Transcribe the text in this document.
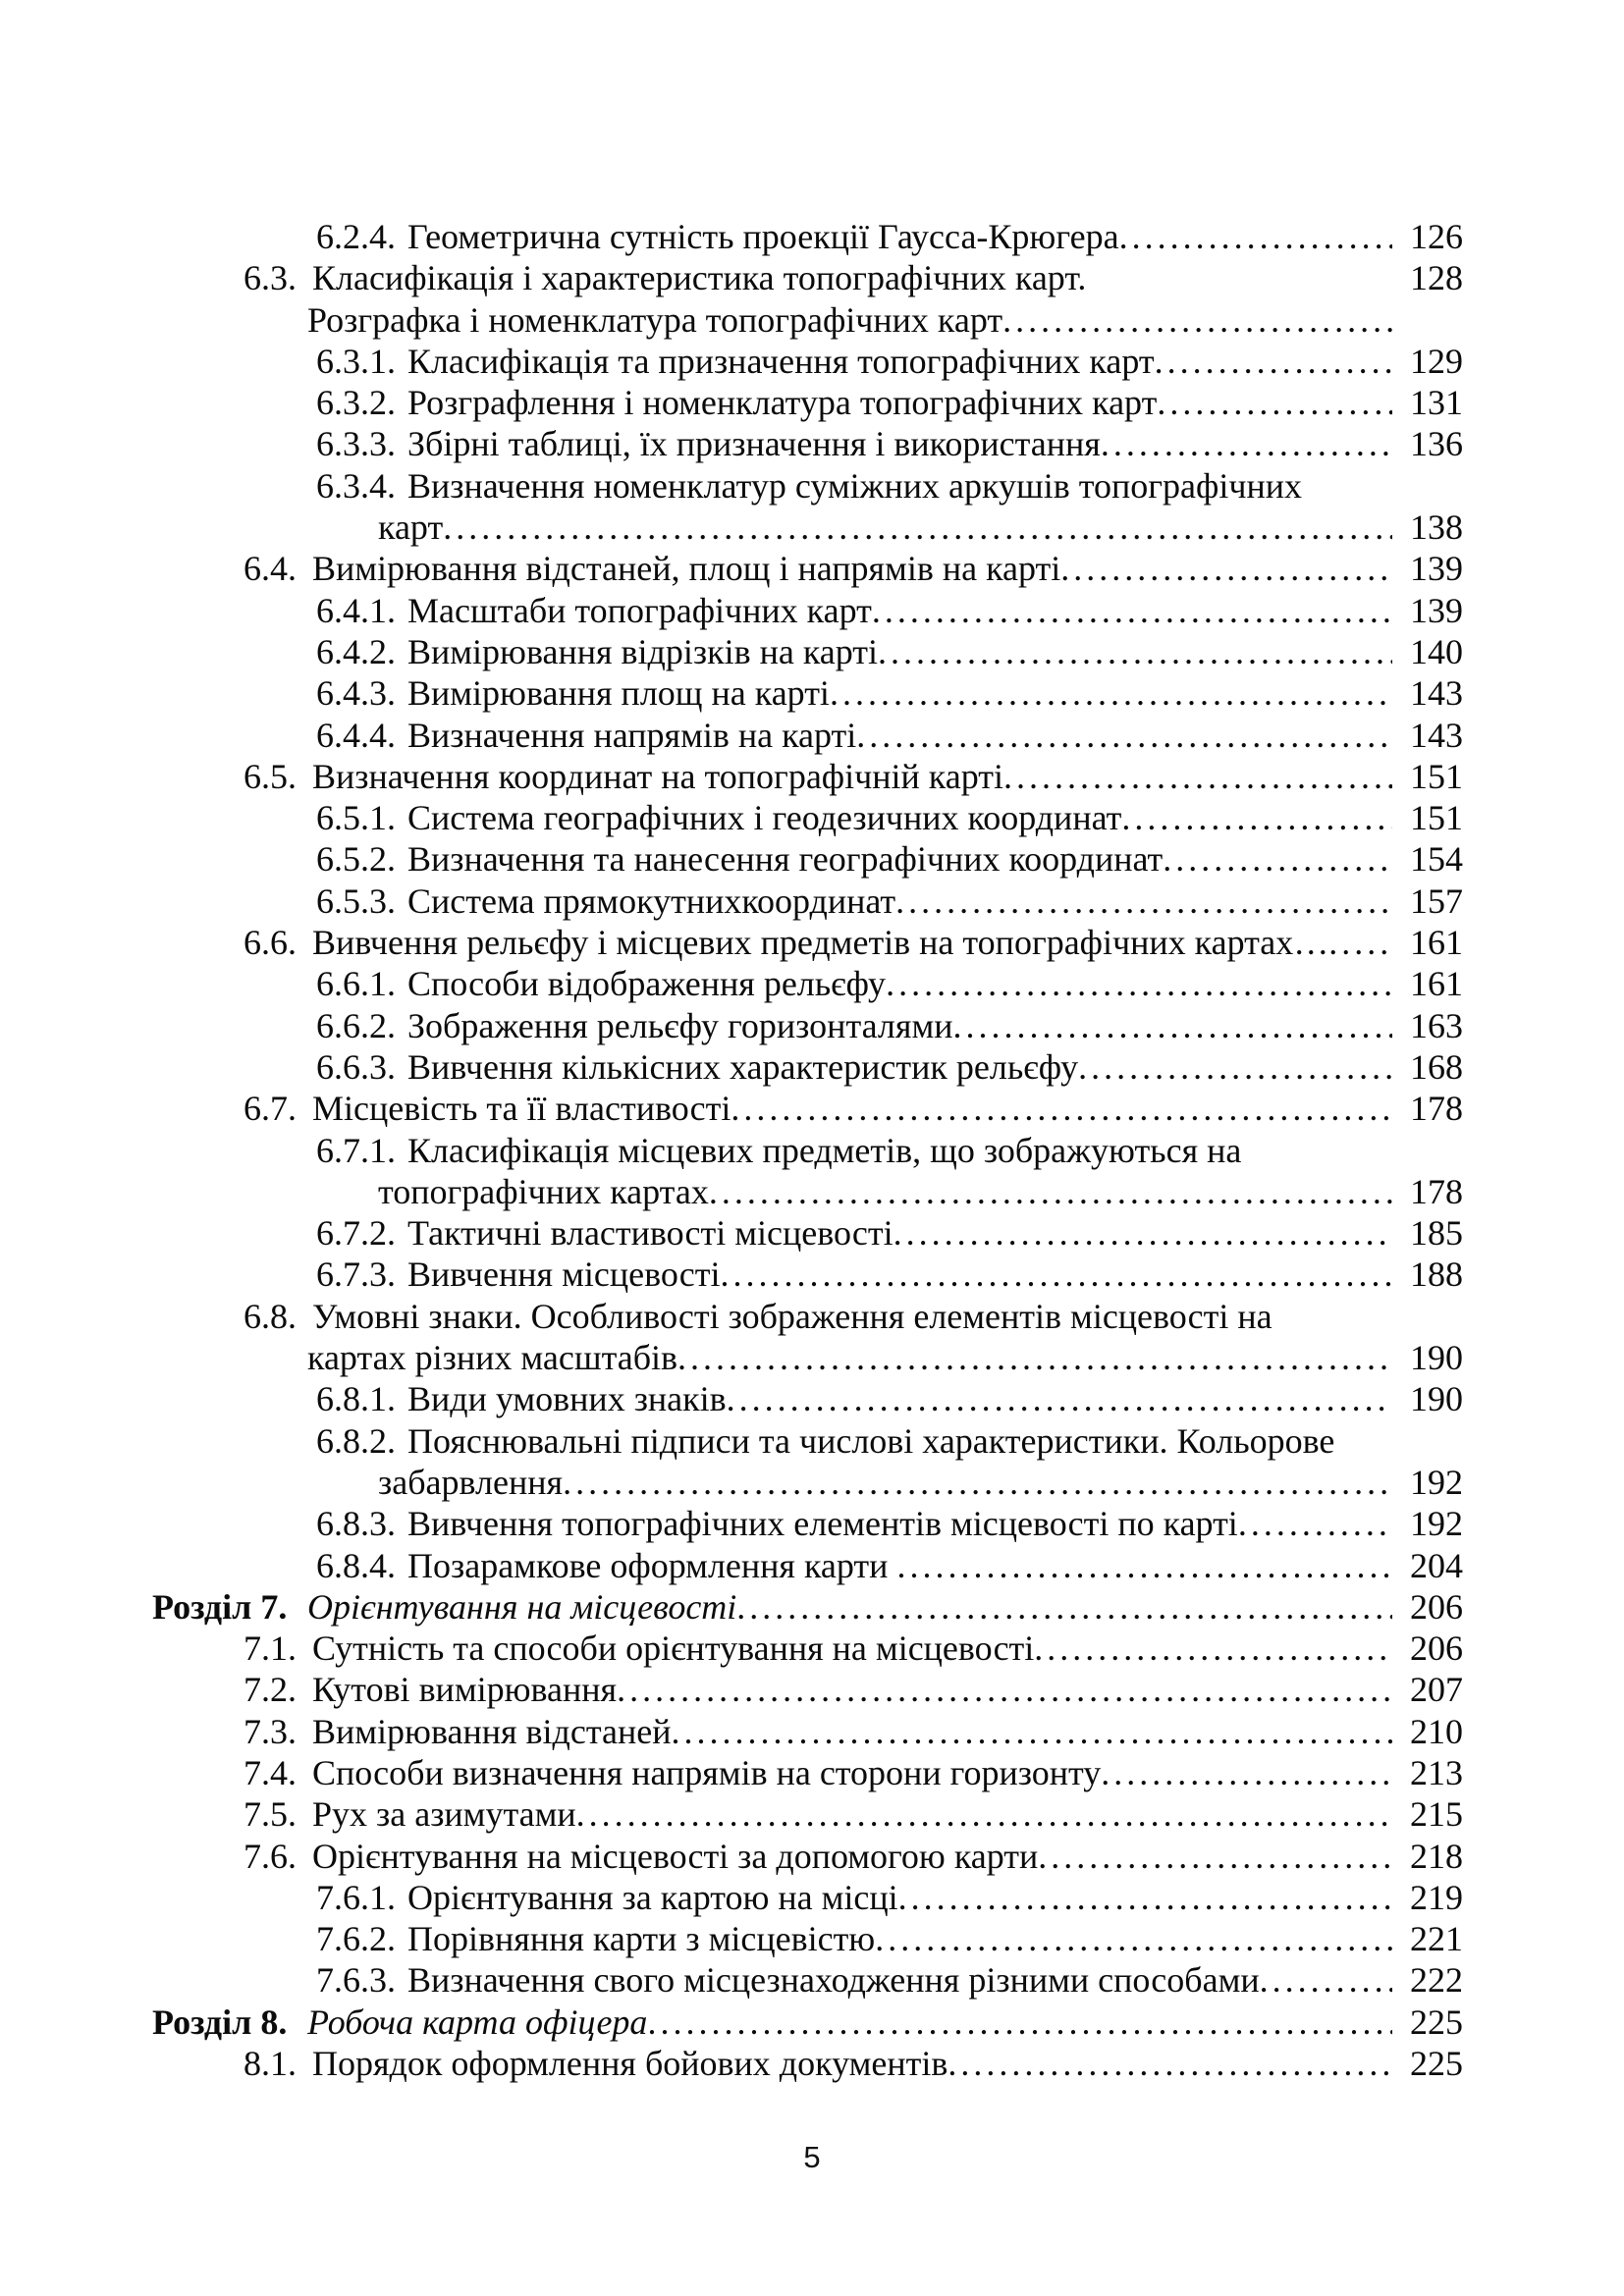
6.2.4. Геометрична сутність проекції Гаусса-Крюгера .....	126
6.3. Класифікація і характеристика топографічних карт.	128
Розграфка і номенклатура топографічних карт
.....
6.3.1. Класифікація та призначення топографічних карт .....	129
6.3.2. Розграфлення і номенклатура топографічних карт .....	131
6.3.3. Збірні таблиці, їх призначення і використання .....	136
6.3.4. Визначення номенклатур суміжних аркушів топографічних
карт .....	138
6.4. Вимірювання відстаней, площ і напрямів на карті .....	139
6.4.1. Масштаби топографічних карт .....	139
6.4.2. Вимірювання відрізків на карті .....	140
6.4.3. Вимірювання площ на карті .....	143
6.4.4. Визначення напрямів на карті .....	143
6.5. Визначення координат на топографічній карті .....	151
6.5.1. Система географічних і геодезичних координат .....	151
6.5.2. Визначення та нанесення географічних координат .....	154
6.5.3. Система прямокутнихкоординат .....	157
6.6. Вивчення рельєфу і місцевих предметів на топографічних картах… ..... 161
6.6.1. Способи відображення рельєфу .....	161
6.6.2. Зображення рельєфу горизонталями .....	163
6.6.3. Вивчення кількісних характеристик рельєфу .....	168
6.7. Місцевість та її властивості .....	178
6.7.1. Класифікація місцевих предметів, що зображуються на
топографічних картах .....	178
6.7.2. Тактичні властивості місцевості .....	185
6.7.3. Вивчення місцевості .....	188
6.8. Умовні знаки. Особливості зображення елементів місцевості на
картах різних масштабів .....	190
6.8.1. Види умовних знаків .....	190
6.8.2. Пояснювальні підписи та числові характеристики. Кольорове
забарвлення .....	192
6.8.3. Вивчення топографічних елементів місцевості по карті .....	192
6.8.4. Позарамкове оформлення карти .....	204
Розділ 7. Орієнтування на місцевості .....	206
7.1. Сутність та способи орієнтування на місцевості .....	206
7.2. Кутові вимірювання .....	207
7.3. Вимірювання відстаней .....	210
7.4. Способи визначення напрямів на сторони горизонту .....	213
7.5. Рух за азимутами .....	215
7.6. Орієнтування на місцевості за допомогою карти .....	218
7.6.1. Орієнтування за картою на місці .....	219
7.6.2. Порівняння карти з місцевістю .....	221
7.6.3. Визначення свого місцезнаходження різними способами .....	222
Розділ 8. Робоча карта офіцера .....	225
8.1. Порядок оформлення бойових документів .....	225
5
